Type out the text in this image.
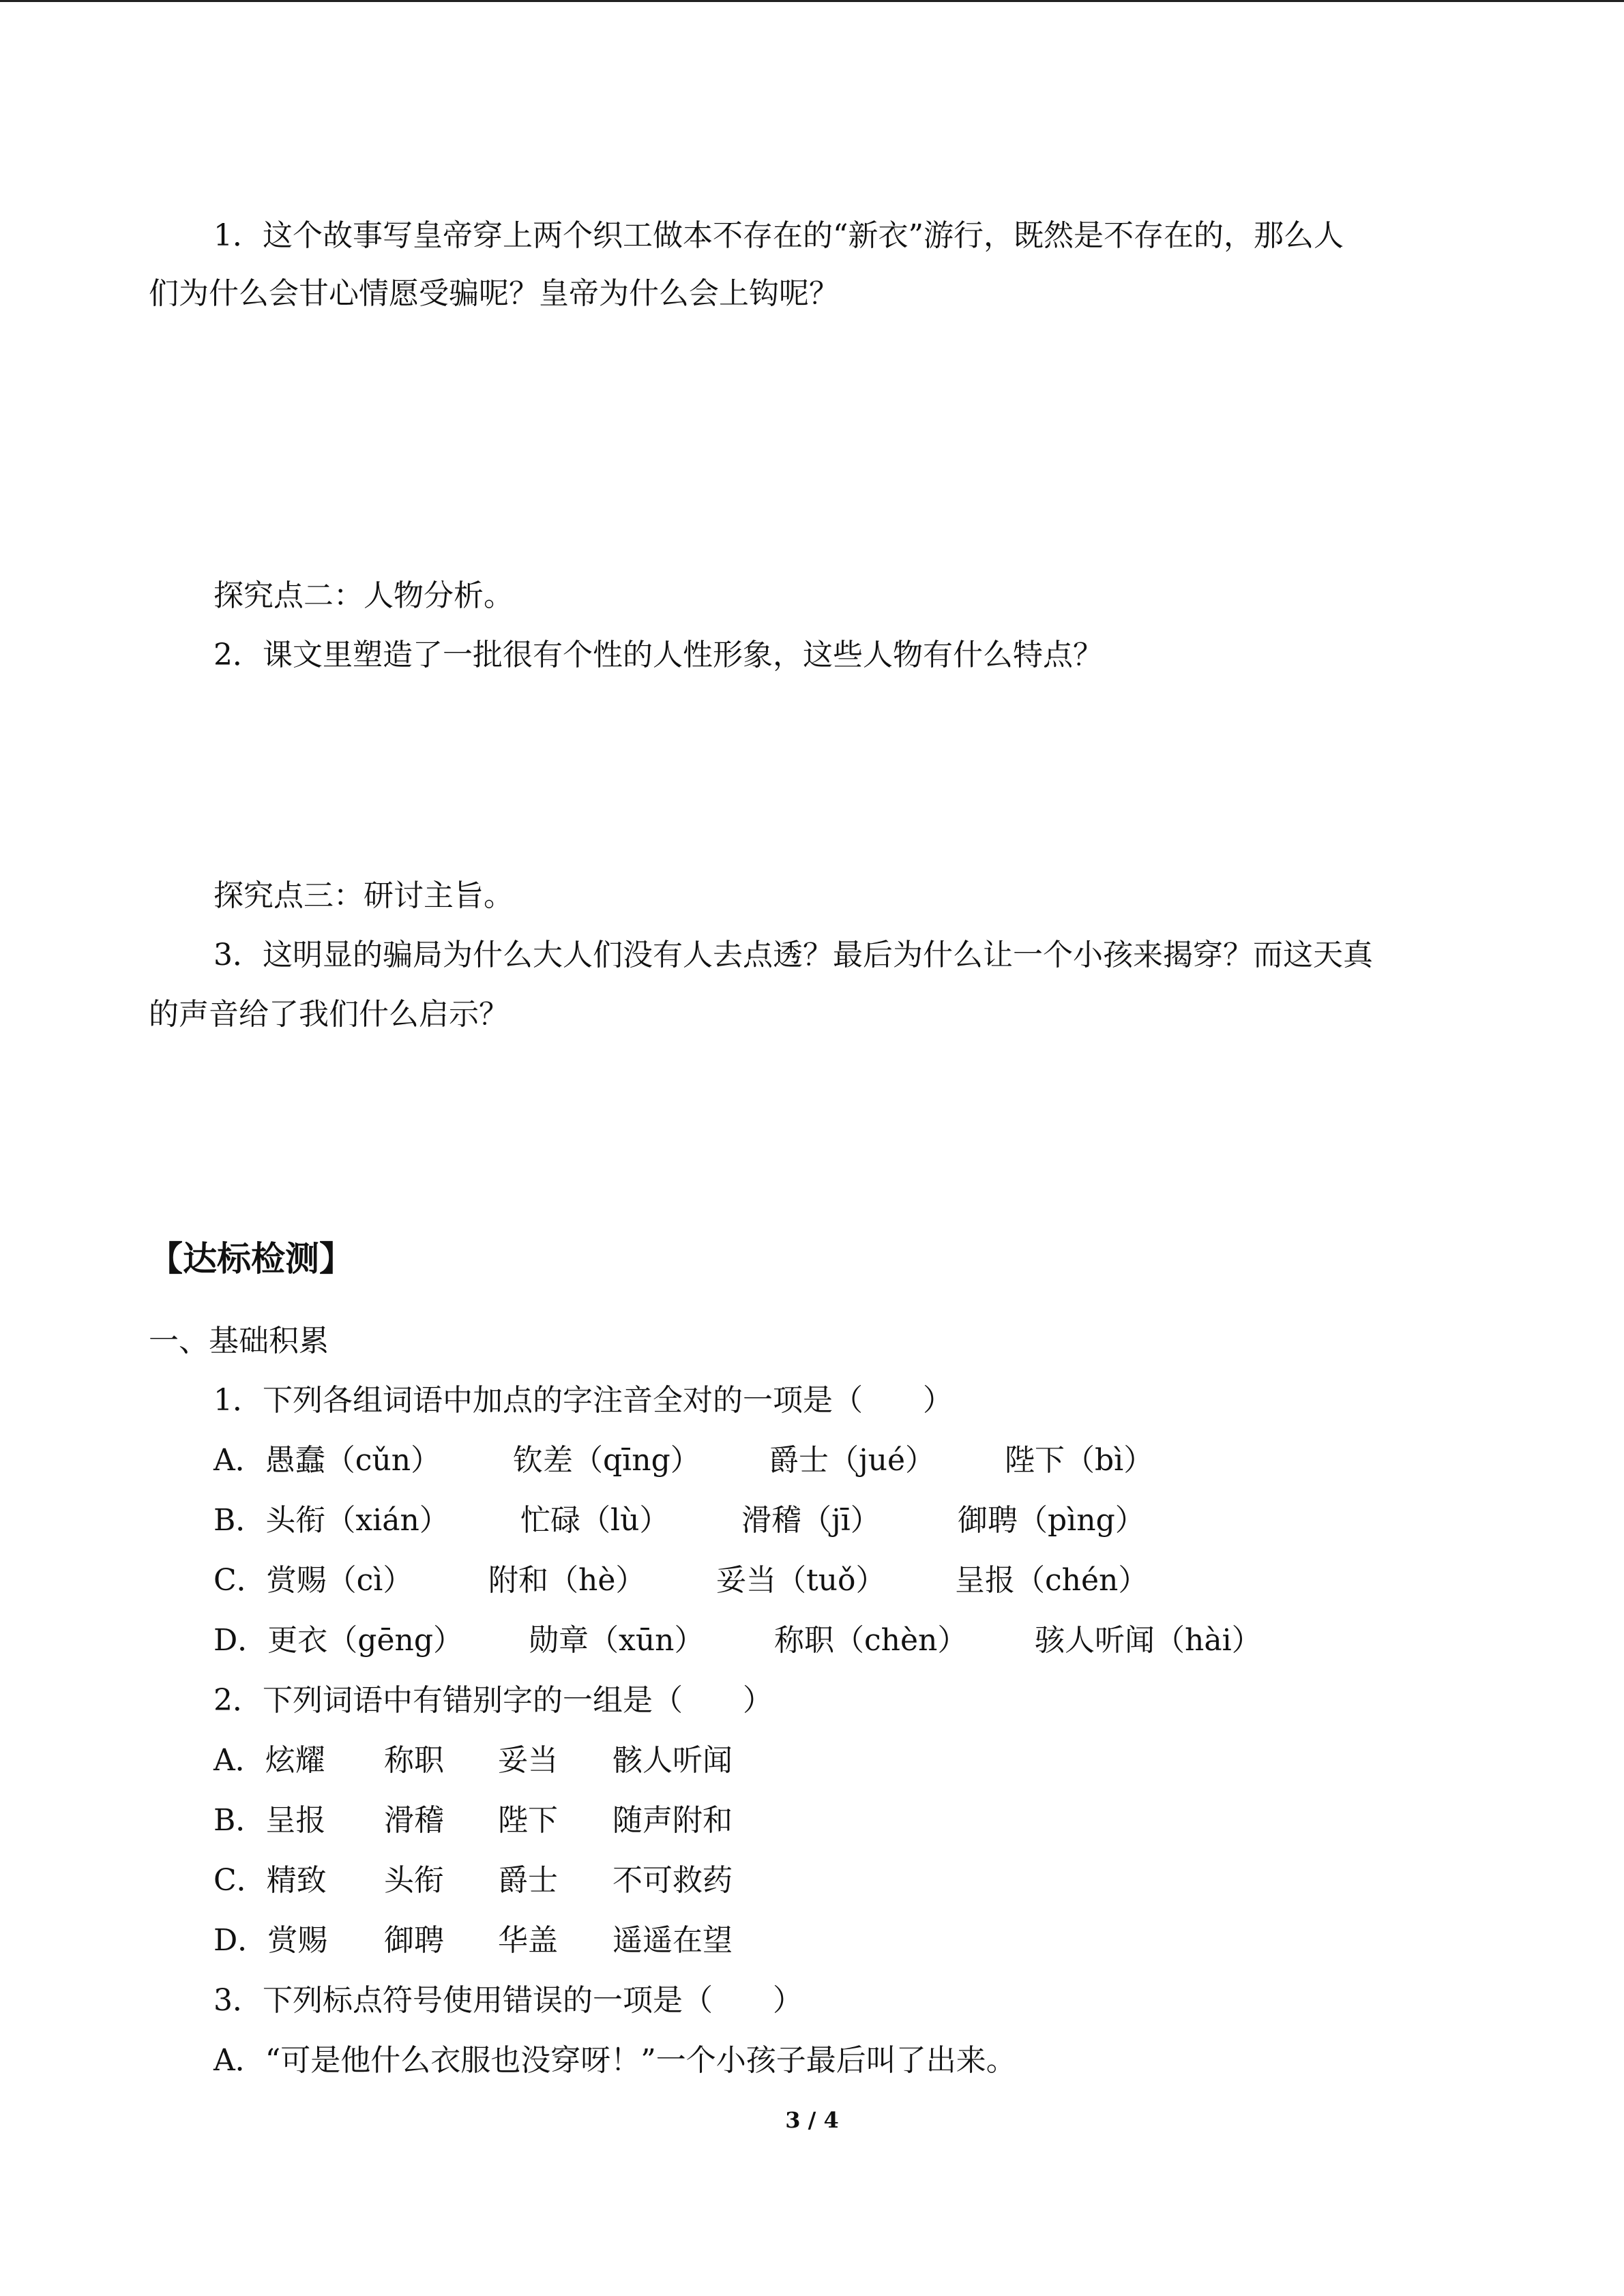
1．这个故事写皇帝穿上两个织工做本不存在的“新衣”游行，既然是不存在的，那么人
们为什么会甘心情愿受骗呢？皇帝为什么会上钩呢？
探究点二：人物分析。
2．课文里塑造了一批很有个性的人性形象，这些人物有什么特点？
探究点三：研讨主旨。
3．这明显的骗局为什么大人们没有人去点透？最后为什么让一个小孩来揭穿？而这天真
的声音给了我们什么启示？
【达标检测】
一、基础积累
1．下列各组词语中加点的字注音全对的一项是（　　）
A．愚蠢（cǔn） 钦差（qīng） 爵士（jué） 陛下（bì）
B．头衔（xián） 忙碌（lù） 滑稽（jī）	御聘（pìng）
C．赏赐（cì）	附和（hè） 妥当（tuǒ） 呈报（chén）
D．更衣（gēng） 勋章（xūn） 称职（chèn） 骇人听闻（hài）
2．下列词语中有错别字的一组是（　　）
A．炫耀 称职 妥当 骸人听闻
B．呈报 滑稽 陛下 随声附和
C．精致 头衔 爵士 不可救药
D．赏赐 御聘 华盖 遥遥在望
3．下列标点符号使用错误的一项是（　　）
A．“可是他什么衣服也没穿呀！”一个小孩子最后叫了出来。
3 / 4
